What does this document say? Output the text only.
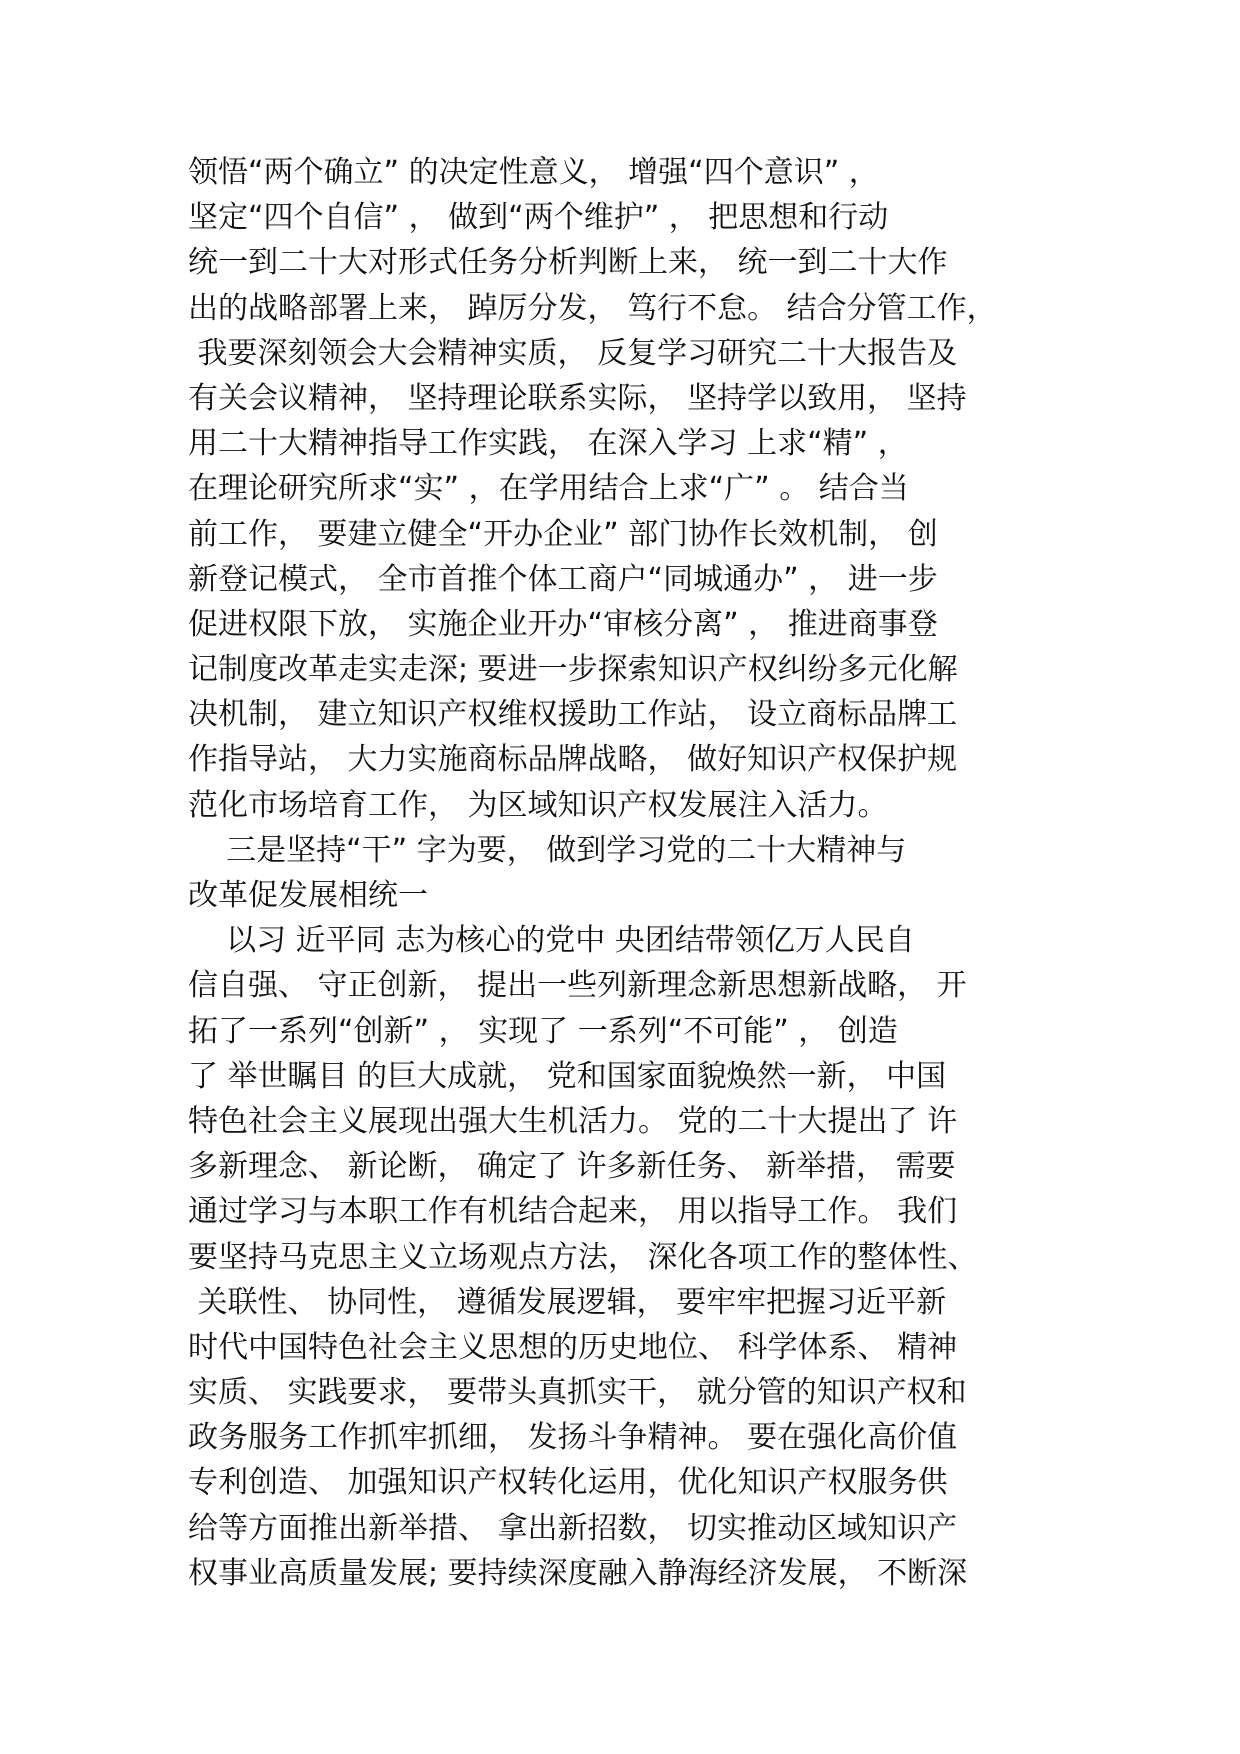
领悟“两个确立” 的决定性意义， 增强“四个意识” ，
坚定“四个自信” ， 做到“两个维护” ， 把思想和行动
统一到二十大对形式任务分析判断上来， 统一到二十大作
出的战略部署上来， 踔厉分发， 笃行不怠。 结合分管工作，
我要深刻领会大会精神实质， 反复学习研究二十大报告及
有关会议精神， 坚持理论联系实际， 坚持学以致用， 坚持
用二十大精神指导工作实践， 在深入学习 上求“精” ，
在理论研究所求“实” ，在学用结合上求“广” 。 结合当
前工作， 要建立健全“开办企业” 部门协作长效机制， 创
新登记模式， 全市首推个体工商户“同城通办” ， 进一步
促进权限下放， 实施企业开办“审核分离” ， 推进商事登
记制度改革走实走深; 要进一步探索知识产权纠纷多元化解
决机制， 建立知识产权维权援助工作站， 设立商标品牌工
作指导站， 大力实施商标品牌战略， 做好知识产权保护规
范化市场培育工作， 为区域知识产权发展注入活力。
三是坚持“干” 字为要， 做到学习党的二十大精神与
改革促发展相统一
以习 近平同 志为核心的党中 央团结带领亿万人民自
信自强、 守正创新， 提出一些列新理念新思想新战略， 开
拓了一系列“创新” ， 实现了 一系列“不可能” ， 创造
了 举世瞩目 的巨大成就， 党和国家面貌焕然一新， 中国
特色社会主义展现出强大生机活力。 党的二十大提出了 许
多新理念、 新论断， 确定了 许多新任务、 新举措， 需要
通过学习与本职工作有机结合起来， 用以指导工作。 我们
要坚持马克思主义立场观点方法， 深化各项工作的整体性、
关联性、 协同性， 遵循发展逻辑， 要牢牢把握习近平新
时代中国特色社会主义思想的历史地位、 科学体系、 精神
实质、 实践要求， 要带头真抓实干， 就分管的知识产权和
政务服务工作抓牢抓细， 发扬斗争精神。 要在强化高价值
专利创造、 加强知识产权转化运用，优化知识产权服务供
给等方面推出新举措、 拿出新招数， 切实推动区域知识产
权事业高质量发展; 要持续深度融入静海经济发展， 不断深
